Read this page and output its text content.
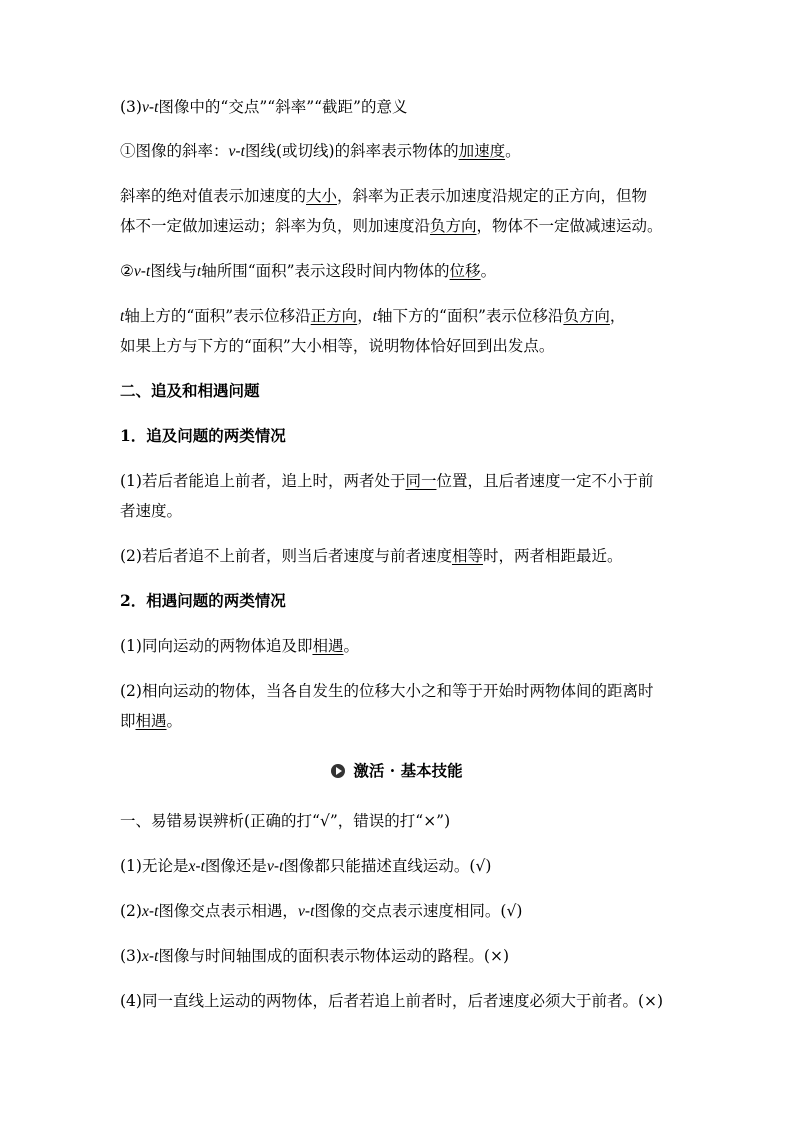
(3)v-t图像中的“交点”“斜率”“截距”的意义
①图像的斜率：v-t图线(或切线)的斜率表示物体的加速度。
斜率的绝对值表示加速度的大小，斜率为正表示加速度沿规定的正方向，但物
体不一定做加速运动；斜率为负，则加速度沿负方向，物体不一定做减速运动。
②v-t图线与t轴所围“面积”表示这段时间内物体的位移。
t轴上方的“面积”表示位移沿正方向，t轴下方的“面积”表示位移沿负方向，
如果上方与下方的“面积”大小相等，说明物体恰好回到出发点。
二、追及和相遇问题
1．追及问题的两类情况
(1)若后者能追上前者，追上时，两者处于同一位置，且后者速度一定不小于前
者速度。
(2)若后者追不上前者，则当后者速度与前者速度相等时，两者相距最近。
2．相遇问题的两类情况
(1)同向运动的两物体追及即相遇。
(2)相向运动的物体，当各自发生的位移大小之和等于开始时两物体间的距离时
即相遇。
激活 · 基本技能
一、易错易误辨析(正确的打“√”，错误的打“×”)
(1)无论是x-t图像还是v-t图像都只能描述直线运动。(√)
(2)x-t图像交点表示相遇，v-t图像的交点表示速度相同。(√)
(3)x-t图像与时间轴围成的面积表示物体运动的路程。(×)
(4)同一直线上运动的两物体，后者若追上前者时，后者速度必须大于前者。(×)
